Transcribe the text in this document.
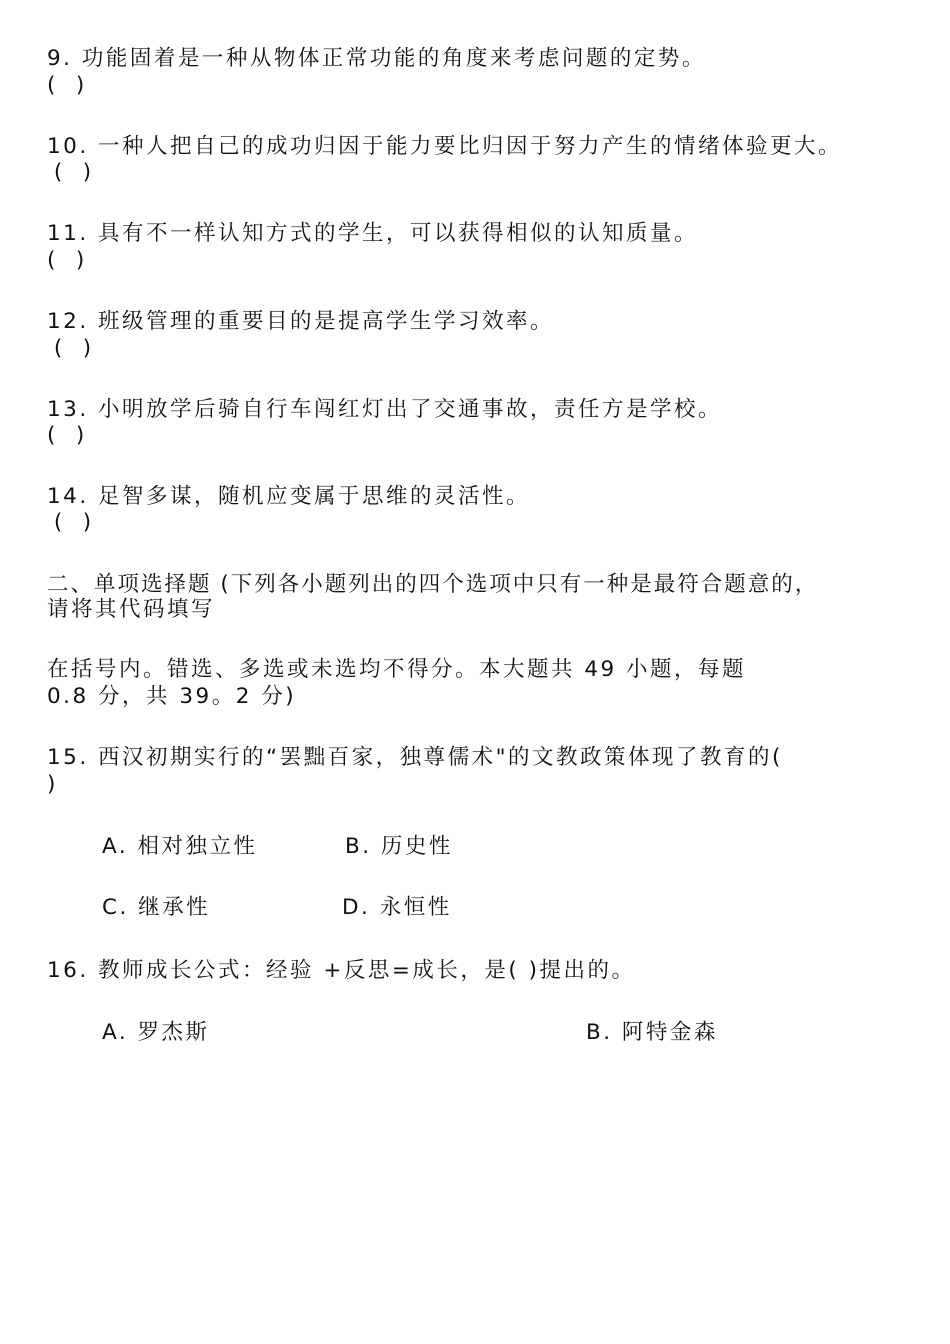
9. 功能固着是一种从物体正常功能的角度来考虑问题的定势。
(   )
10. 一种人把自己的成功归因于能力要比归因于努力产生的情绪体验更大。
(   )
11. 具有不一样认知方式的学生，可以获得相似的认知质量。
(   )
12. 班级管理的重要目的是提高学生学习效率。
(   )
13. 小明放学后骑自行车闯红灯出了交通事故，责任方是学校。
(   )
14. 足智多谋，随机应变属于思维的灵活性。
(   )
二、单项选择题 (下列各小题列出的四个选项中只有一种是最符合题意的，
请将其代码填写
在括号内。错选、多选或未选均不得分。本大题共 49 小题，每题
0.8 分，共 39。2 分)
15. 西汉初期实行的“罢黜百家，独尊儒术"的文教政策体现了教育的(
)
A. 相对独立性	B. 历史性
C. 继承性	D. 永恒性
16. 教师成长公式：经验 +反思=成长，是( )提出的。
A. 罗杰斯	B. 阿特金森
